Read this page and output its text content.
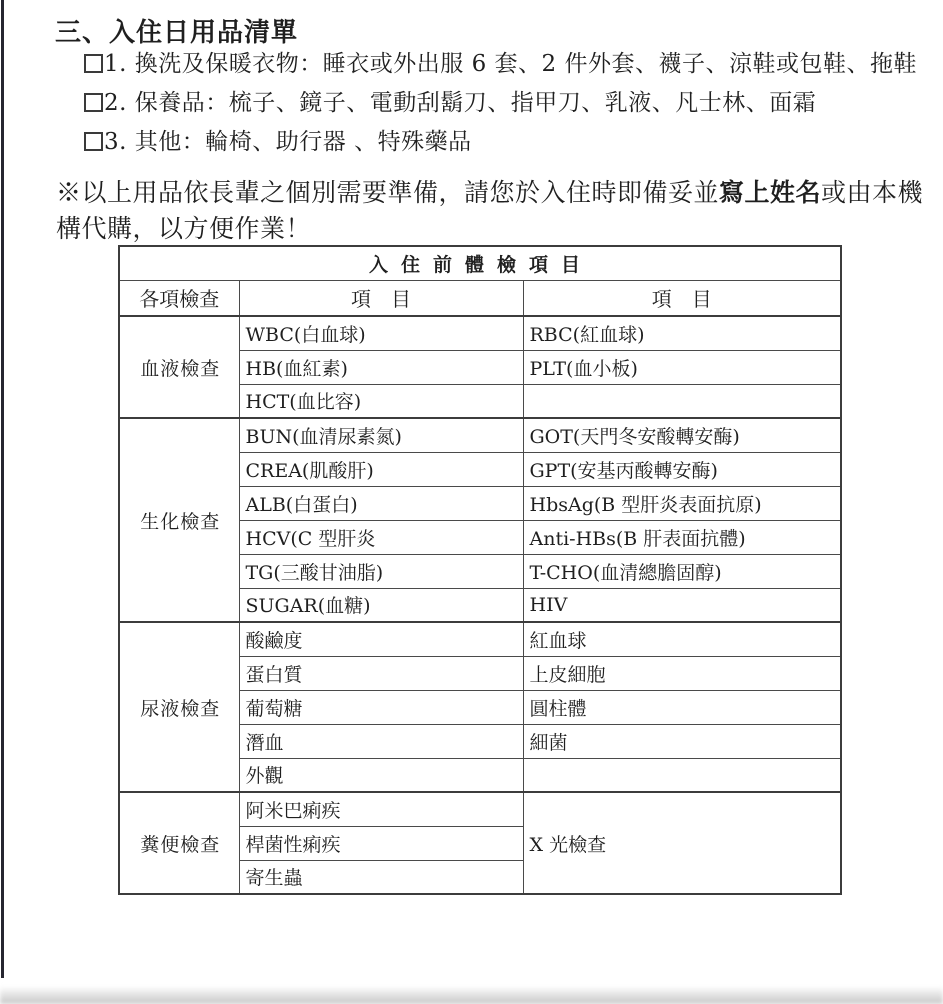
三、入住日用品清單
1. 換洗及保暖衣物：睡衣或外出服 6 套、2 件外套、襪子、涼鞋或包鞋、拖鞋
2. 保養品：梳子、鏡子、電動刮鬍刀、指甲刀、乳液、凡士林、面霜
3. 其他：輪椅、助行器 、特殊藥品

※以上用品依長輩之個別需要準備，請您於入住時即備妥並寫上姓名或由本機
構代購，以方便作業！

入住前體檢項目		
各項檢查	項　目	項　目
血液檢查	WBC(白血球)	RBC(紅血球)
	HB(血紅素)	PLT(血小板)
	HCT(血比容)	
生化檢查	BUN(血清尿素氮)	GOT(天門冬安酸轉安酶)
	CREA(肌酸肝)	GPT(安基丙酸轉安酶)
	ALB(白蛋白)	HbsAg(B 型肝炎表面抗原)
	HCV(C 型肝炎	Anti-HBs(B 肝表面抗體)
	TG(三酸甘油脂)	T-CHO(血清總膽固醇)
	SUGAR(血糖)	HIV
尿液檢查	酸鹼度	紅血球
	蛋白質	上皮細胞
	葡萄糖	圓柱體
	潛血	細菌
	外觀	
糞便檢查	阿米巴痢疾	X 光檢查
	桿菌性痢疾	
	寄生蟲	
